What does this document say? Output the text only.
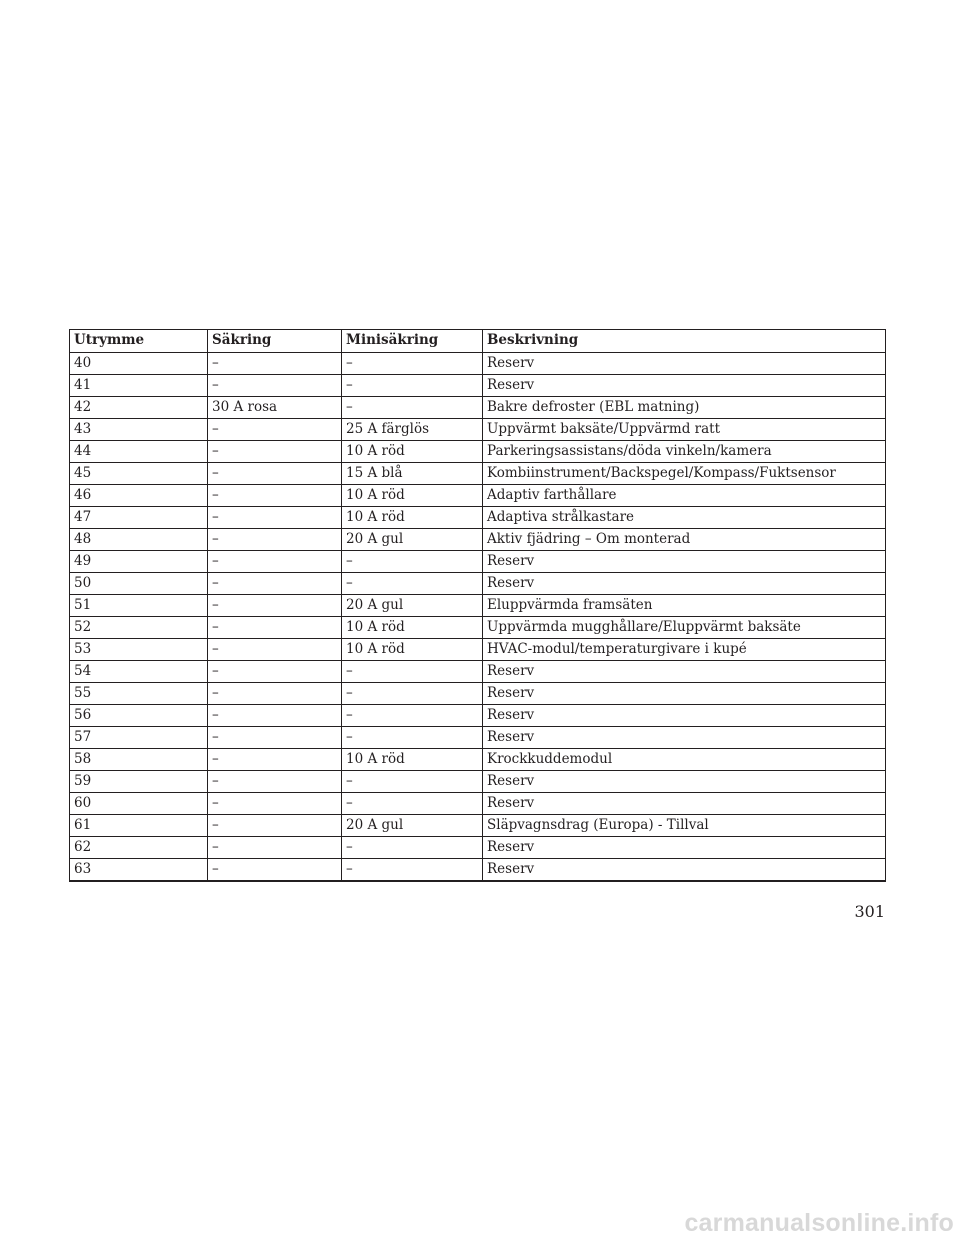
Utrymme	Säkring	Minisäkring	Beskrivning
40	–	–	Reserv
41	–	–	Reserv
42	30 A rosa	–	Bakre defroster (EBL matning)
43	–	25 A färglös	Uppvärmt baksäte/Uppvärmd ratt
44	–	10 A röd	Parkeringsassistans/döda vinkeln/kamera
45	–	15 A blå	Kombiinstrument/Backspegel/Kompass/Fuktsensor
46	–	10 A röd	Adaptiv farthållare
47	–	10 A röd	Adaptiva strålkastare
48	–	20 A gul	Aktiv fjädring – Om monterad
49	–	–	Reserv
50	–	–	Reserv
51	–	20 A gul	Eluppvärmda framsäten
52	–	10 A röd	Uppvärmda mugghållare/Eluppvärmt baksäte
53	–	10 A röd	HVAC-modul/temperaturgivare i kupé
54	–	–	Reserv
55	–	–	Reserv
56	–	–	Reserv
57	–	–	Reserv
58	–	10 A röd	Krockkuddemodul
59	–	–	Reserv
60	–	–	Reserv
61	–	20 A gul	Släpvagnsdrag (Europa) - Tillval
62	–	–	Reserv
63	–	–	Reserv
301
carmanualsonline.info
